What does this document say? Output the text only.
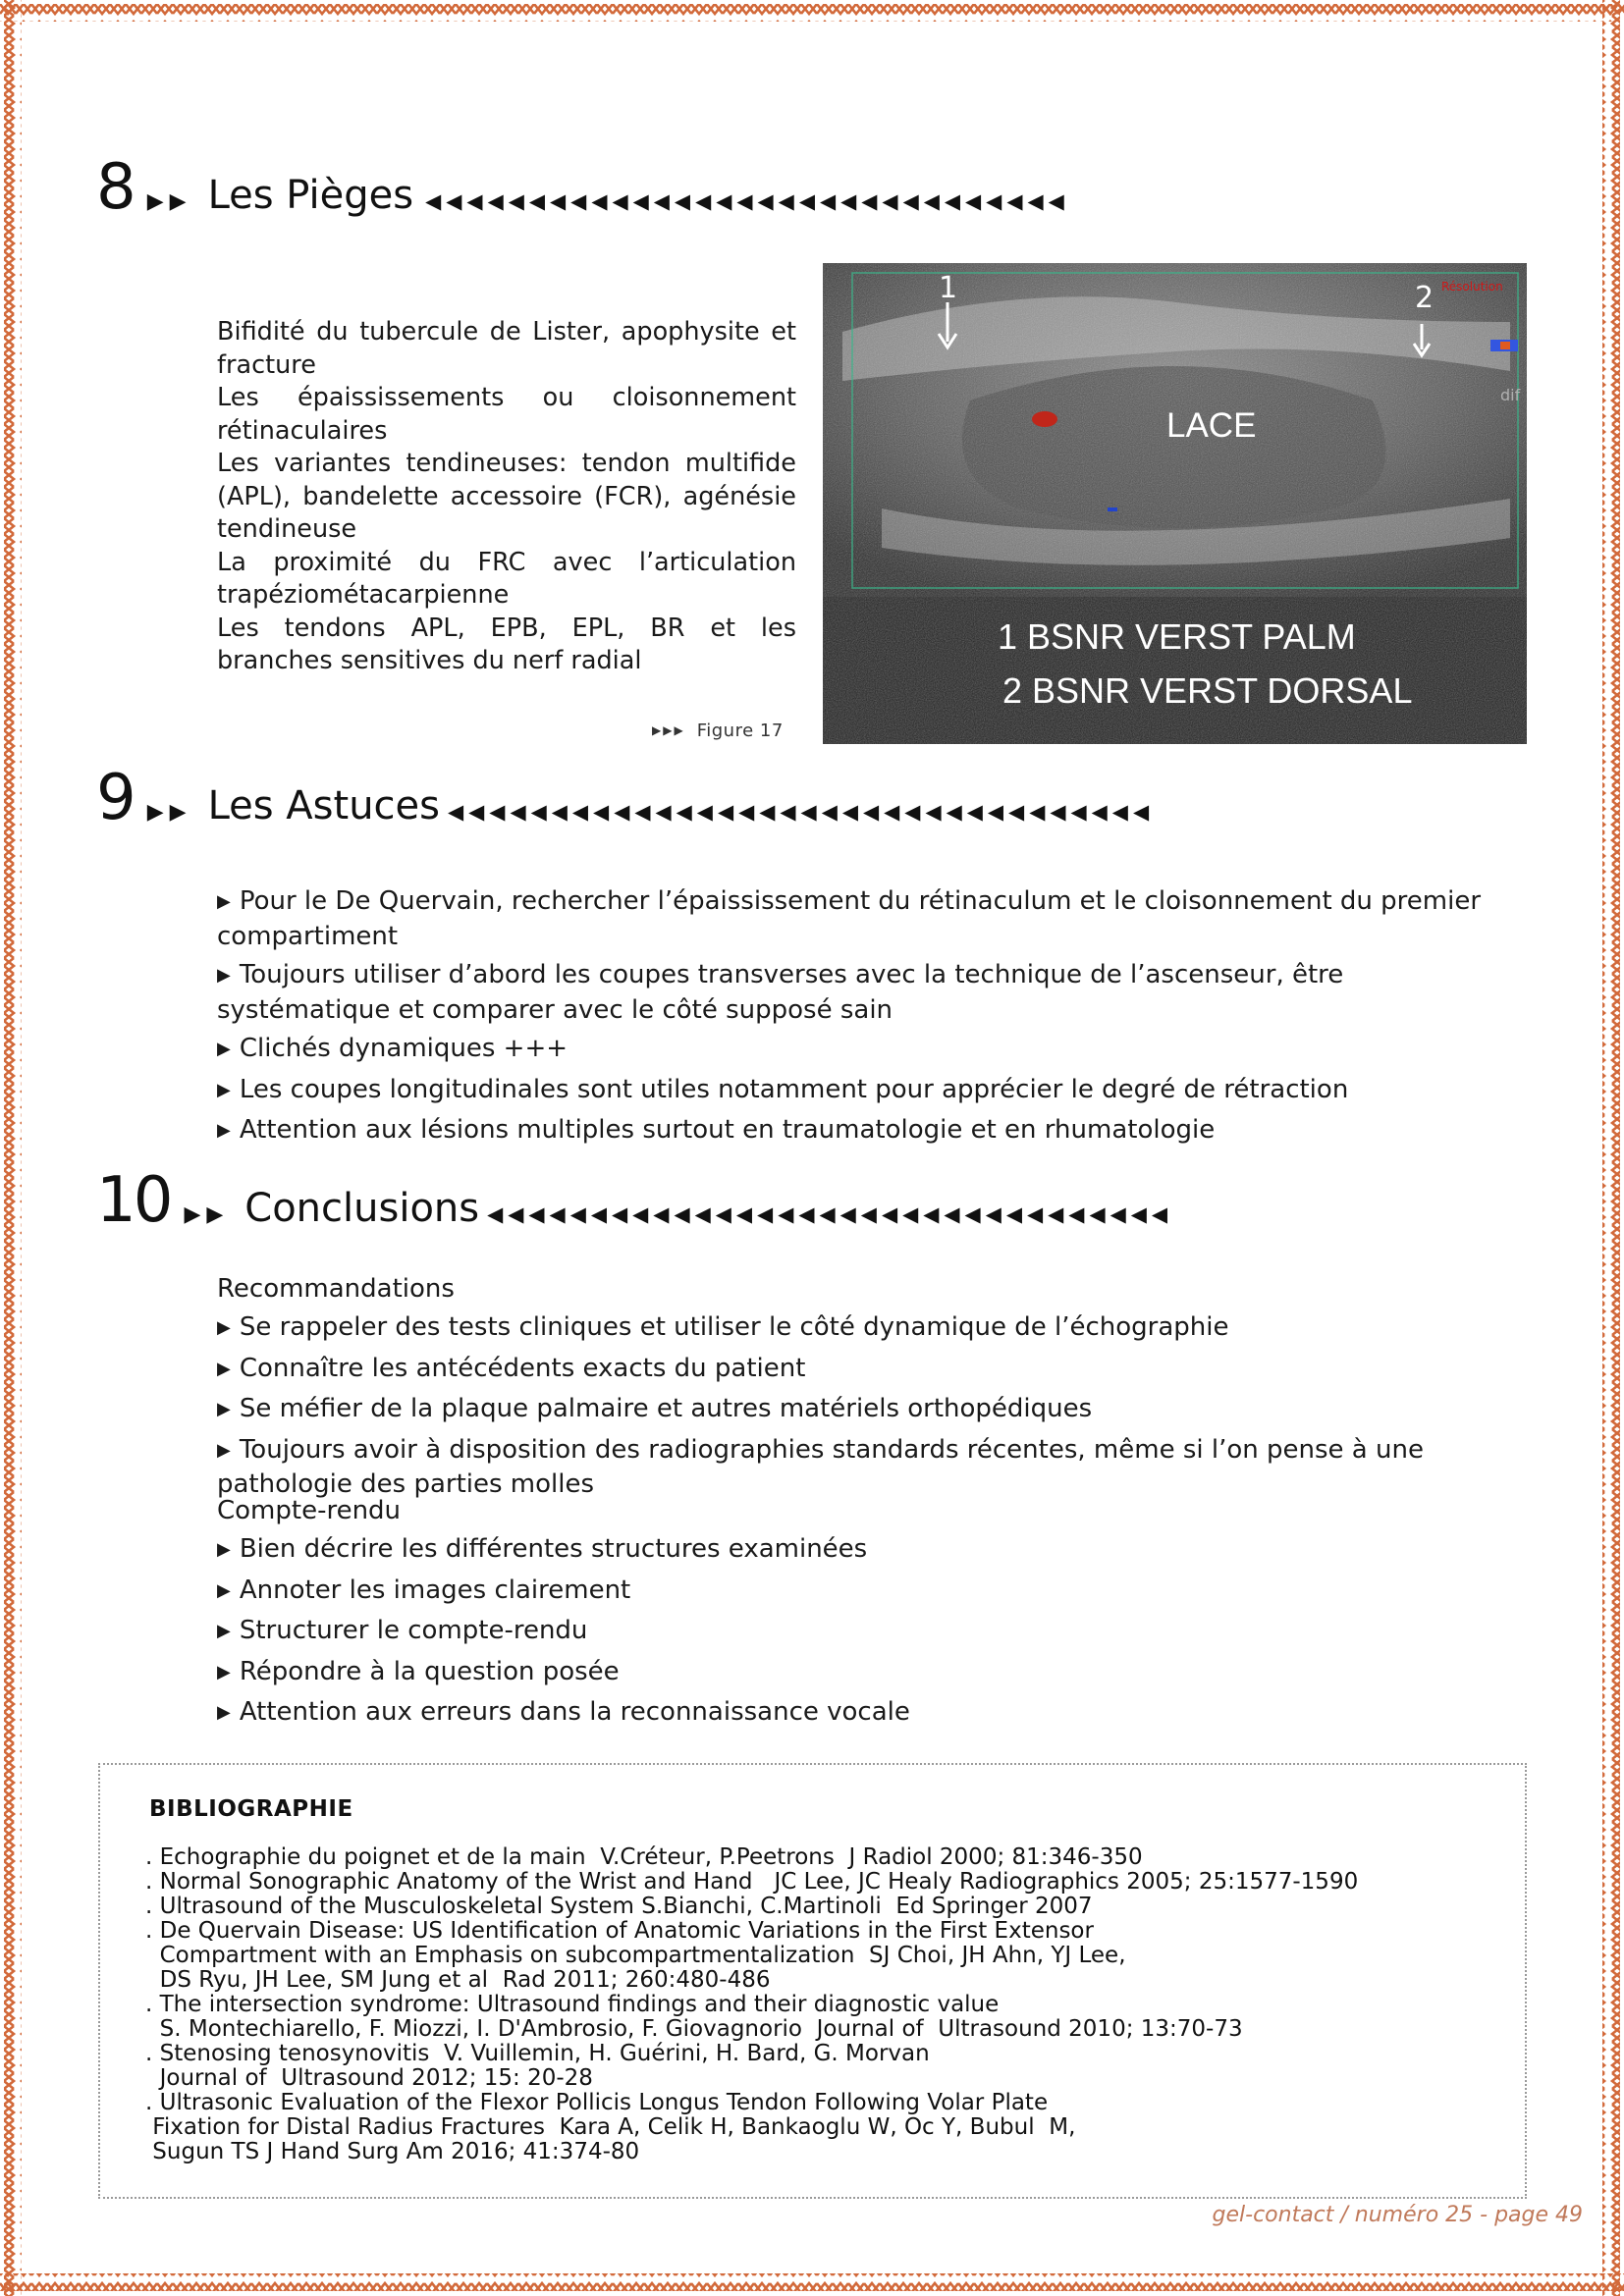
8 ▶▶ Les Pièges ◀◀◀◀◀◀◀◀◀◀◀◀◀◀◀◀◀◀◀◀◀◀◀◀◀◀◀◀◀◀◀
Bifidité du tubercule de Lister, apophysite et fracture
Les épaississements ou cloisonnement rétinaculaires
Les variantes tendineuses: tendon multifide (APL), bandelette accessoire (FCR), agénésie tendineuse
La proximité du FRC avec l’articulation trapéziométacarpienne
Les tendons APL, EPB, EPL, BR et les branches sensitives du nerf radial
▶▶▶ Figure 17
1	2 Résolution
dif
LACE
1 BSNR VERST PALM
2 BSNR VERST DORSAL
9 ▶▶ Les Astuces ◀◀◀◀◀◀◀◀◀◀◀◀◀◀◀◀◀◀◀◀◀◀◀◀◀◀◀◀◀◀◀◀◀◀
▶ Pour le De Quervain, rechercher l’épaississement du rétinaculum et le cloisonnement du premier compartiment
▶ Toujours utiliser d’abord les coupes transverses avec la technique de l’ascenseur, être systématique et comparer avec le côté supposé sain
▶ Clichés dynamiques +++
▶ Les coupes longitudinales sont utiles notamment pour apprécier le degré de rétraction
▶ Attention aux lésions multiples surtout en traumatologie et en rhumatologie
10 ▶▶ Conclusions ◀◀◀◀◀◀◀◀◀◀◀◀◀◀◀◀◀◀◀◀◀◀◀◀◀◀◀◀◀◀◀◀◀
Recommandations
▶ Se rappeler des tests cliniques et utiliser le côté dynamique de l’échographie
▶ Connaître les antécédents exacts du patient
▶ Se méfier de la plaque palmaire et autres matériels orthopédiques
▶ Toujours avoir à disposition des radiographies standards récentes, même si l’on pense à une pathologie des parties molles
Compte-rendu
▶ Bien décrire les différentes structures examinées
▶ Annoter les images clairement
▶ Structurer le compte-rendu
▶ Répondre à la question posée
▶ Attention aux erreurs dans la reconnaissance vocale
BIBLIOGRAPHIE
. Echographie du poignet et de la main  V.Créteur, P.Peetrons  J Radiol 2000; 81:346-350
. Normal Sonographic Anatomy of the Wrist and Hand   JC Lee, JC Healy Radiographics 2005; 25:1577-1590
. Ultrasound of the Musculoskeletal System S.Bianchi, C.Martinoli  Ed Springer 2007
. De Quervain Disease: US Identification of Anatomic Variations in the First Extensor
Compartment with an Emphasis on subcompartmentalization  SJ Choi, JH Ahn, YJ Lee,
DS Ryu, JH Lee, SM Jung et al  Rad 2011; 260:480-486
. The intersection syndrome: Ultrasound findings and their diagnostic value
S. Montechiarello, F. Miozzi, I. D'Ambrosio, F. Giovagnorio  Journal of  Ultrasound 2010; 13:70-73
. Stenosing tenosynovitis  V. Vuillemin, H. Guérini, H. Bard, G. Morvan
Journal of  Ultrasound 2012; 15: 20-28
. Ultrasonic Evaluation of the Flexor Pollicis Longus Tendon Following Volar Plate
Fixation for Distal Radius Fractures  Kara A, Celik H, Bankaoglu W, Oc Y, Bubul  M,
Sugun TS J Hand Surg Am 2016; 41:374-80
gel-contact / numéro 25 - page 49
